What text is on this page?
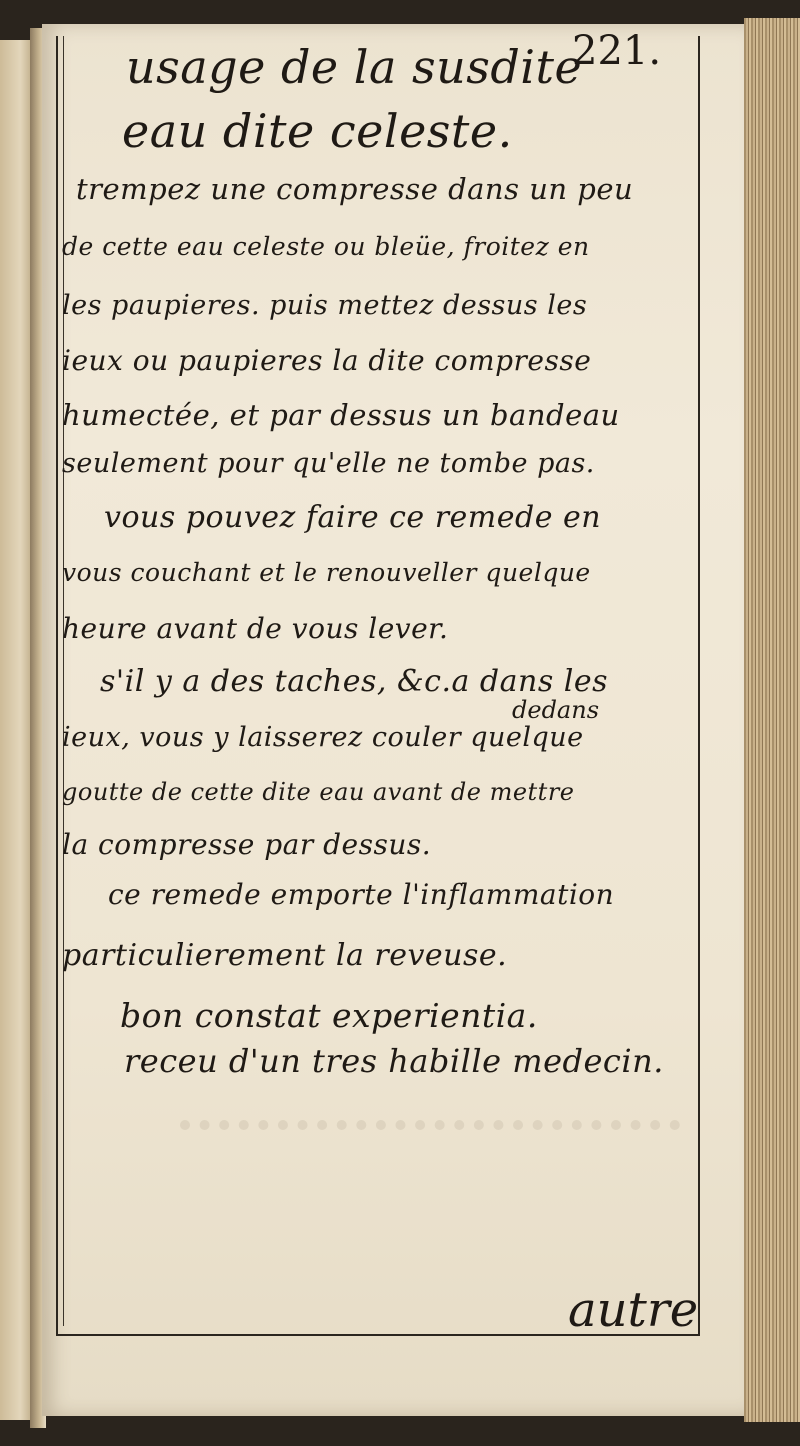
221.
usage de la susdite
eau dite celeste.
trempez une compresse dans un peu
de cette eau celeste ou bleüe, froitez en
les paupieres. puis mettez dessus les
ieux ou paupieres la dite compresse
humectée, et par dessus un bandeau
seulement pour qu'elle ne tombe pas.
vous pouvez faire ce remede en
vous couchant et le renouveller quelque
heure avant de vous lever.
s'il y a des taches, &c.a dans les
dedans
ieux, vous y laisserez couler quelque
goutte de cette dite eau avant de mettre
la compresse par dessus.
ce remede emporte l'inflammation
particulierement la reveuse.
bon constat experientia.
receu d'un tres habille medecin.
autre
